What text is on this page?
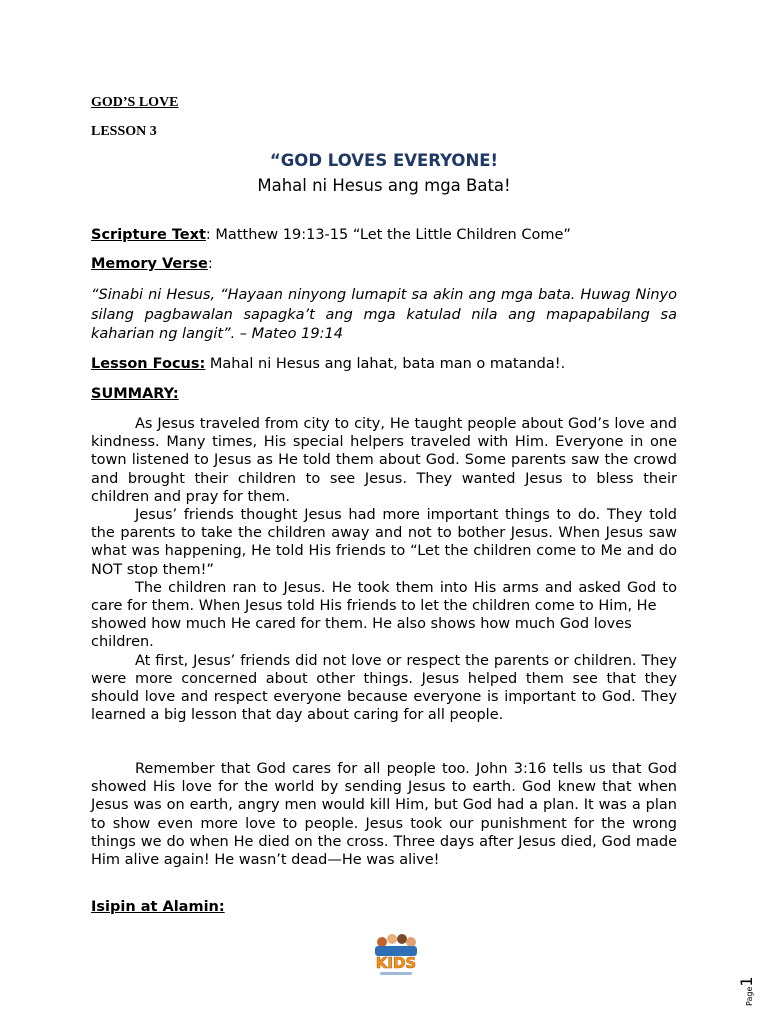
GOD’S LOVE
LESSON 3
“GOD LOVES EVERYONE!
Mahal ni Hesus ang mga Bata!
Scripture Text: Matthew 19:13-15 “Let the Little Children Come”
Memory Verse:
“Sinabi ni Hesus, “Hayaan ninyong lumapit sa akin ang mga bata. Huwag Ninyo silang pagbawalan sapagka’t ang mga katulad nila ang mapapabilang sa kaharian ng langit”. – Mateo 19:14
Lesson Focus: Mahal ni Hesus ang lahat, bata man o matanda!.
SUMMARY:

As Jesus traveled from city to city, He taught people about God’s love and kindness. Many times, His special helpers traveled with Him. Everyone in one town listened to Jesus as He told them about God. Some parents saw the crowd and brought their children to see Jesus. They wanted Jesus to bless their children and pray for them.

Jesus’ friends thought Jesus had more important things to do. They told the parents to take the children away and not to bother Jesus. When Jesus saw what was happening, He told His friends to “Let the children come to Me and do NOT stop them!”

The children ran to Jesus. He took them into His arms and asked God to care for them. When Jesus told His friends to let the children come to Him, He

showed how much He cared for them. He also shows how much God loves children.

At first, Jesus’ friends did not love or respect the parents or children. They were more concerned about other things. Jesus helped them see that they should love and respect everyone because everyone is important to God. They learned a big lesson that day about caring for all people.

Remember that God cares for all people too. John 3:16 tells us that God showed His love for the world by sending Jesus to earth. God knew that when Jesus was on earth, angry men would kill Him, but God had a plan. It was a plan to show even more love to people. Jesus took our punishment for the wrong things we do when He died on the cross. Three days after Jesus died, God made Him alive again! He wasn’t dead—He was alive!

Isipin at Alamin:
KIDS
Page1
